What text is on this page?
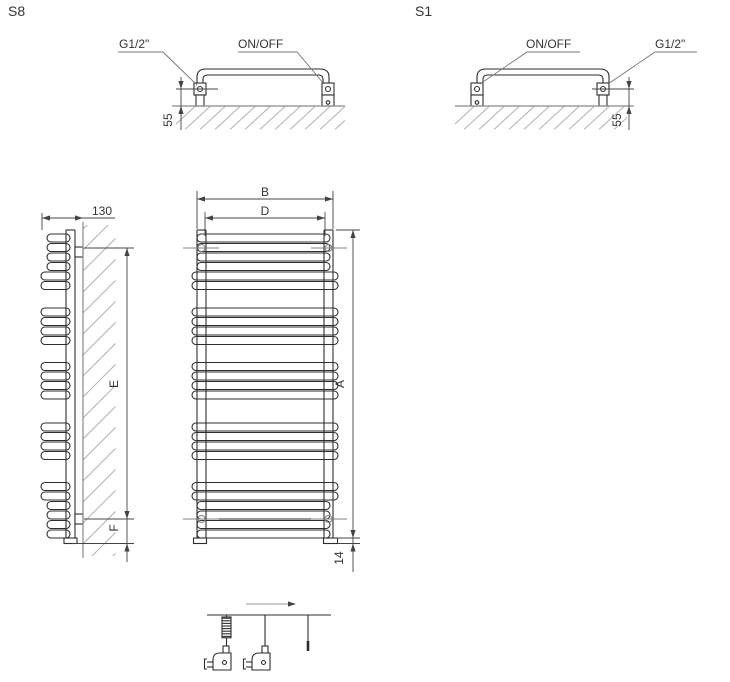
S8
G1/2"	ON/OFF
55
S1
ON/OFF	G1/2"
55
130
E
F
B
D
A
14
